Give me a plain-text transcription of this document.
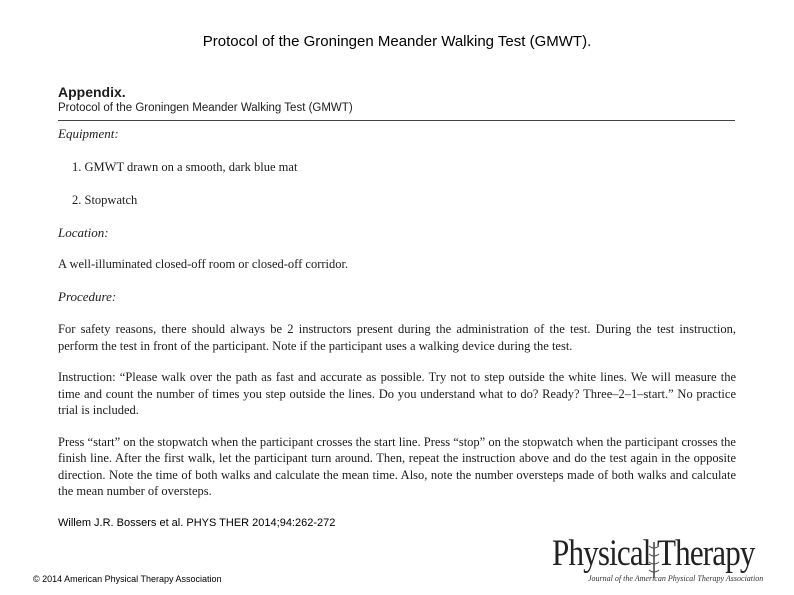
Protocol of the Groningen Meander Walking Test (GMWT).
Appendix.
Protocol of the Groningen Meander Walking Test (GMWT)
Equipment:
1. GMWT drawn on a smooth, dark blue mat
2. Stopwatch
Location:
A well-illuminated closed-off room or closed-off corridor.
Procedure:
For safety reasons, there should always be 2 instructors present during the administration of the test. During the test instruction, perform the test in front of the participant. Note if the participant uses a walking device during the test.
Instruction: “Please walk over the path as fast and accurate as possible. Try not to step outside the white lines. We will measure the time and count the number of times you step outside the lines. Do you understand what to do? Ready? Three–2–1–start.” No practice trial is included.
Press “start” on the stopwatch when the participant crosses the start line. Press “stop” on the stopwatch when the participant crosses the finish line. After the first walk, let the participant turn around. Then, repeat the instruction above and do the test again in the opposite direction. Note the time of both walks and calculate the mean time. Also, note the number oversteps made of both walks and calculate the mean number of oversteps.
Willem J.R. Bossers et al. PHYS THER 2014;94:262-272
© 2014 American Physical Therapy Association
Physical Therapy
Journal of the American Physical Therapy Association
